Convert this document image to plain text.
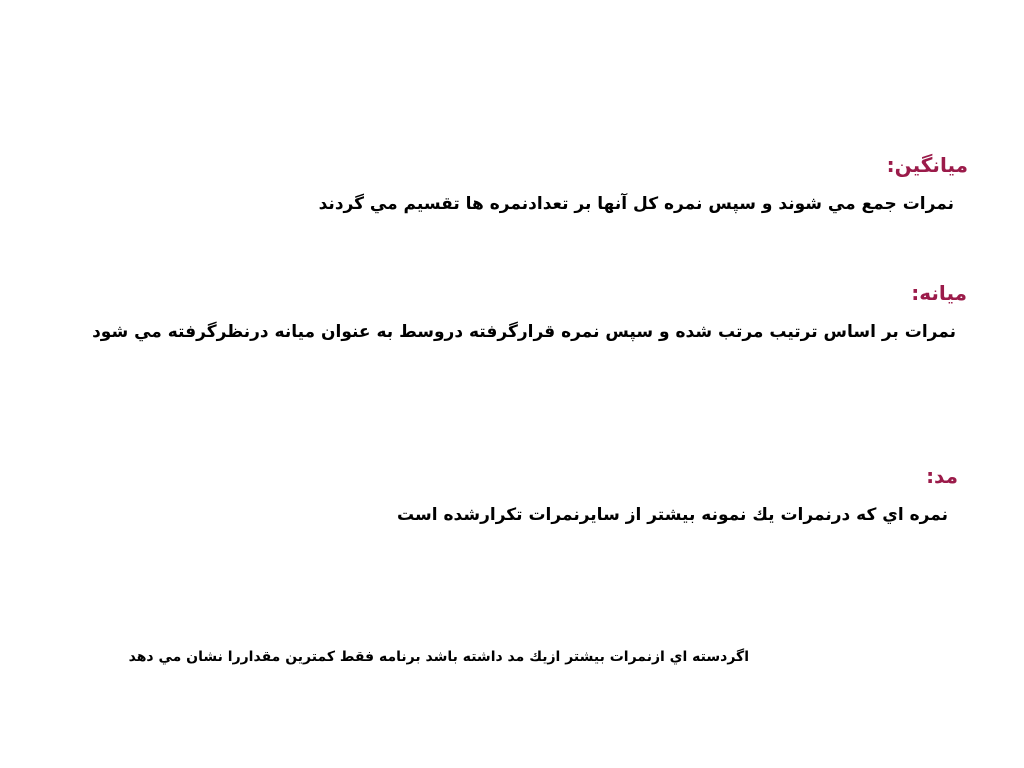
میانگین:
نمرات جمع مي شوند و سپس نمره کل آنها بر تعدادنمره ها تقسیم مي گردند
میانه:
نمرات بر اساس ترتیب مرتب شده و سپس نمره قرارگرفته دروسط به عنوان میانه درنظرگرفته مي شود
مد:
نمره اي که درنمرات يك نمونه بیشتر از سایرنمرات تکرارشده است
اگردسته اي ازنمرات بیشتر ازیك مد داشته باشد برنامه فقط کمترین مقداررا نشان مي دهد
